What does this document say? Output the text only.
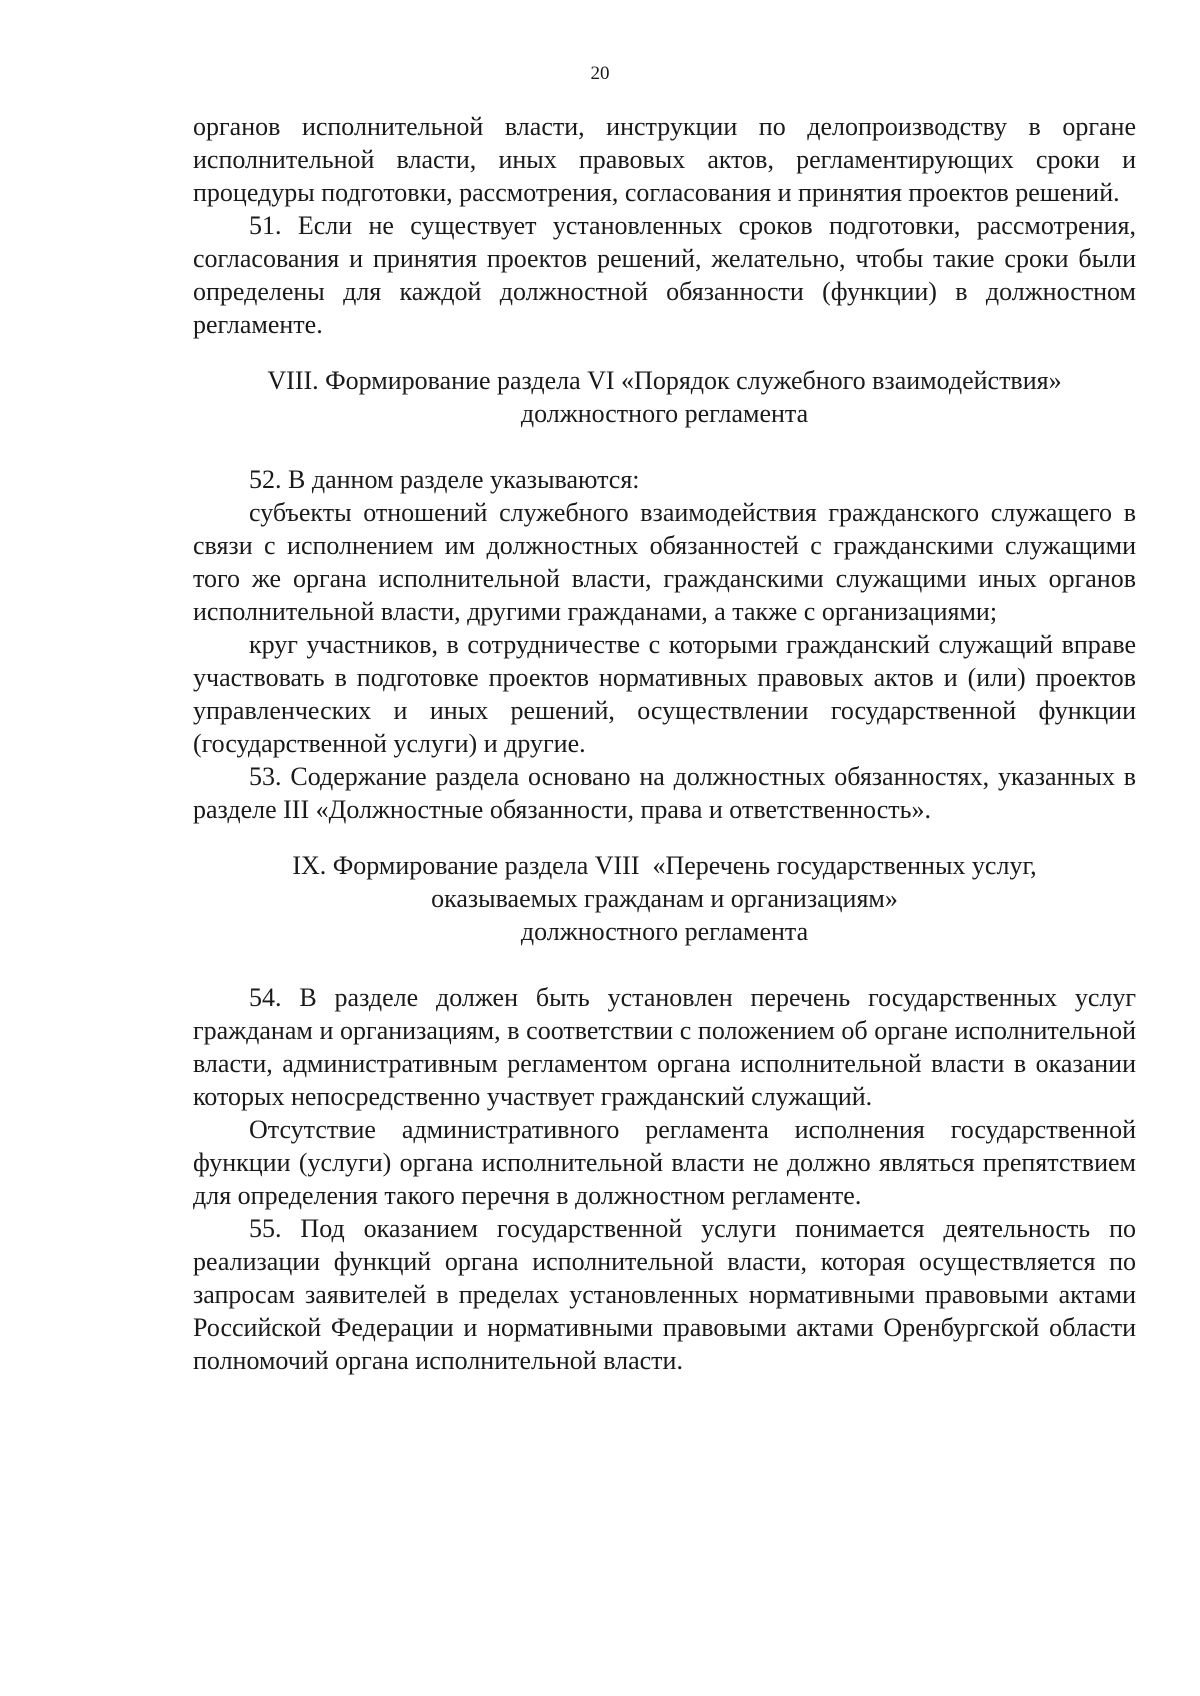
20

органов исполнительной власти, инструкции по делопроизводству в органе исполнительной власти, иных правовых актов, регламентирующих сроки и процедуры подготовки, рассмотрения, согласования и принятия проектов решений.

51. Если не существует установленных сроков подготовки, рассмотрения, согласования и принятия проектов решений, желательно, чтобы такие сроки были определены для каждой должностной обязанности (функции) в должностном регламенте.

VIII. Формирование раздела VI «Порядок служебного взаимодействия»
должностного регламента

52. В данном разделе указываются:

субъекты отношений служебного взаимодействия гражданского служащего в связи с исполнением им должностных обязанностей с гражданскими служащими того же органа исполнительной власти, гражданскими служащими иных органов исполнительной власти, другими гражданами, а также с организациями;

круг участников, в сотрудничестве с которыми гражданский служащий вправе участвовать в подготовке проектов нормативных правовых актов и (или) проектов управленческих и иных решений, осуществлении государственной функции (государственной услуги) и другие.

53. Содержание раздела основано на должностных обязанностях, указанных в разделе III «Должностные обязанности, права и ответственность».

IX. Формирование раздела VIII  «Перечень государственных услуг,
оказываемых гражданам и организациям»
должностного регламента

54. В разделе должен быть установлен перечень государственных услуг гражданам и организациям, в соответствии с положением об органе исполнительной власти, административным регламентом органа исполнительной власти в оказании которых непосредственно участвует гражданский служащий.

Отсутствие административного регламента исполнения государственной функции (услуги) органа исполнительной власти не должно являться препятствием для определения такого перечня в должностном регламенте.

55. Под оказанием государственной услуги понимается деятельность по реализации функций органа исполнительной власти, которая осуществляется по запросам заявителей в пределах установленных нормативными правовыми актами Российской Федерации и нормативными правовыми актами Оренбургской области полномочий органа исполнительной власти.
